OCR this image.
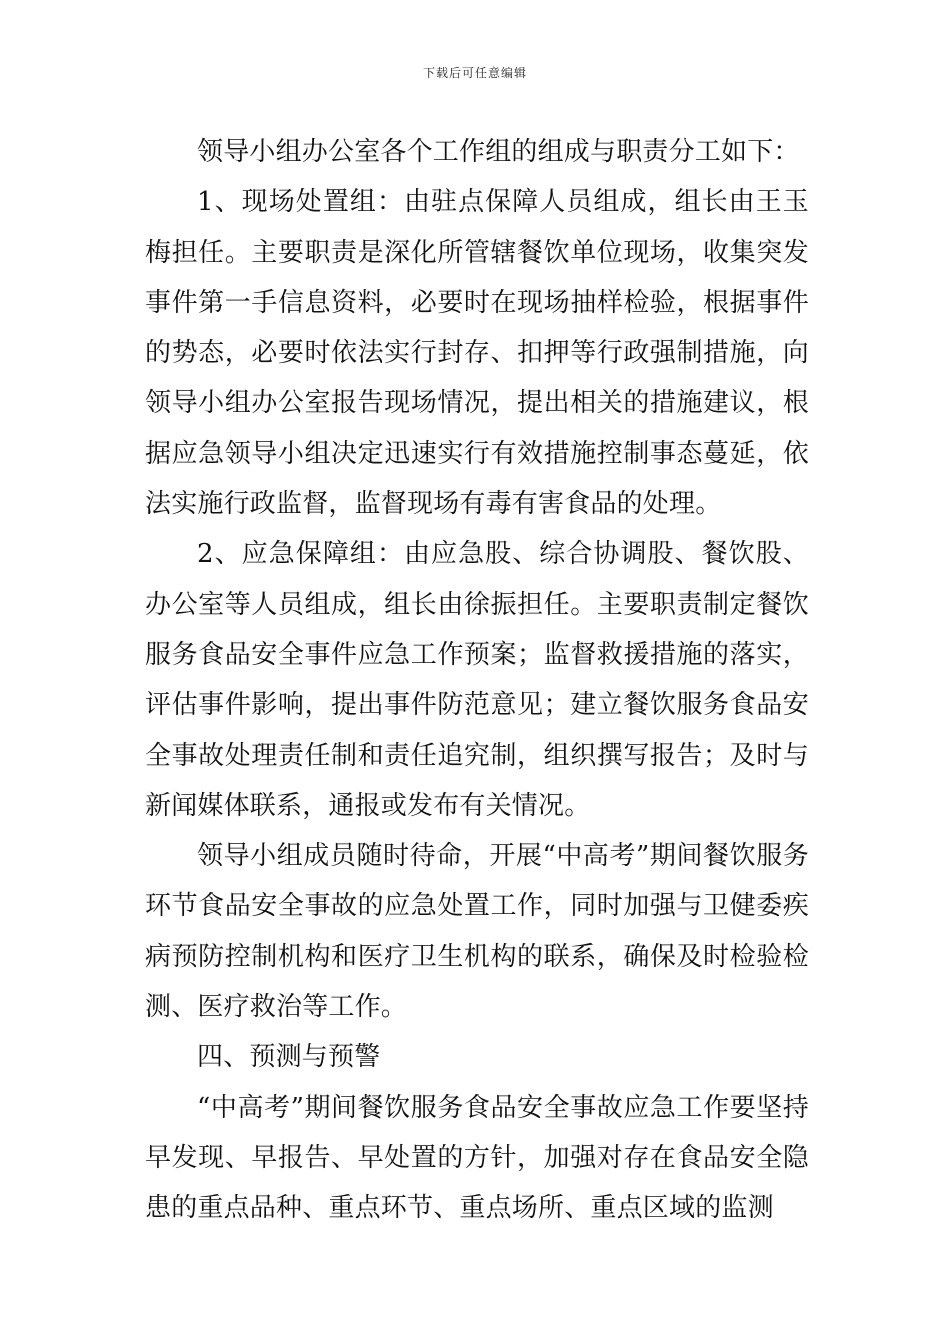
下载后可任意编辑

领导小组办公室各个工作组的组成与职责分工如下：

1、现场处置组：由驻点保障人员组成，组长由王玉梅担任。主要职责是深化所管辖餐饮单位现场，收集突发事件第一手信息资料，必要时在现场抽样检验，根据事件的势态，必要时依法实行封存、扣押等行政强制措施，向领导小组办公室报告现场情况，提出相关的措施建议，根据应急领导小组决定迅速实行有效措施控制事态蔓延，依法实施行政监督，监督现场有毒有害食品的处理。

2、应急保障组：由应急股、综合协调股、餐饮股、办公室等人员组成，组长由徐振担任。主要职责制定餐饮服务食品安全事件应急工作预案；监督救援措施的落实，评估事件影响，提出事件防范意见；建立餐饮服务食品安全事故处理责任制和责任追究制，组织撰写报告；及时与新闻媒体联系，通报或发布有关情况。

领导小组成员随时待命，开展“中高考”期间餐饮服务环节食品安全事故的应急处置工作，同时加强与卫健委疾病预防控制机构和医疗卫生机构的联系，确保及时检验检测、医疗救治等工作。

四、预测与预警

“中高考”期间餐饮服务食品安全事故应急工作要坚持早发现、早报告、早处置的方针，加强对存在食品安全隐患的重点品种、重点环节、重点场所、重点区域的监测
